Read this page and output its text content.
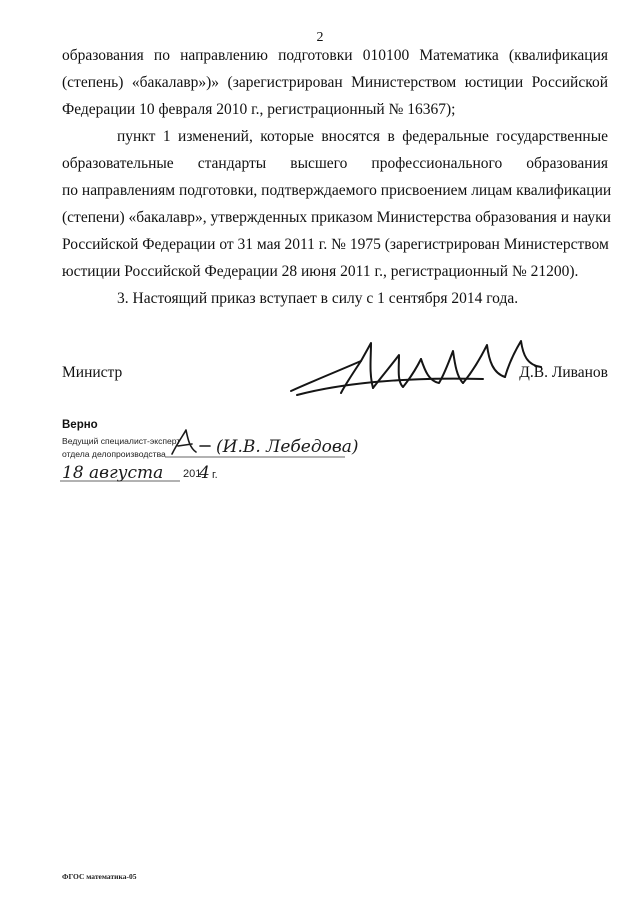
2
образования по направлению подготовки 010100 Математика (квалификация
(степень) «бакалавр»)» (зарегистрирован Министерством юстиции Российской
Федерации 10 февраля 2010 г., регистрационный № 16367);
пункт 1 изменений, которые вносятся в федеральные государственные
образовательные стандарты высшего профессионального образования
по направлениям подготовки, подтверждаемого присвоением лицам квалификации
(степени) «бакалавр», утвержденных приказом Министерства образования и науки
Российской Федерации от 31 мая 2011 г. № 1975 (зарегистрирован Министерством
юстиции Российской Федерации 28 июня 2011 г., регистрационный № 21200).
3. Настоящий приказ вступает в силу с 1 сентября 2014 года.
Министр	Д.В. Ливанов
Верно
Ведущий специалист-эксперт
отдела делопроизводства
201
(И.В. Лебедова)
18 августа 4 г.
ФГОС математика-05
